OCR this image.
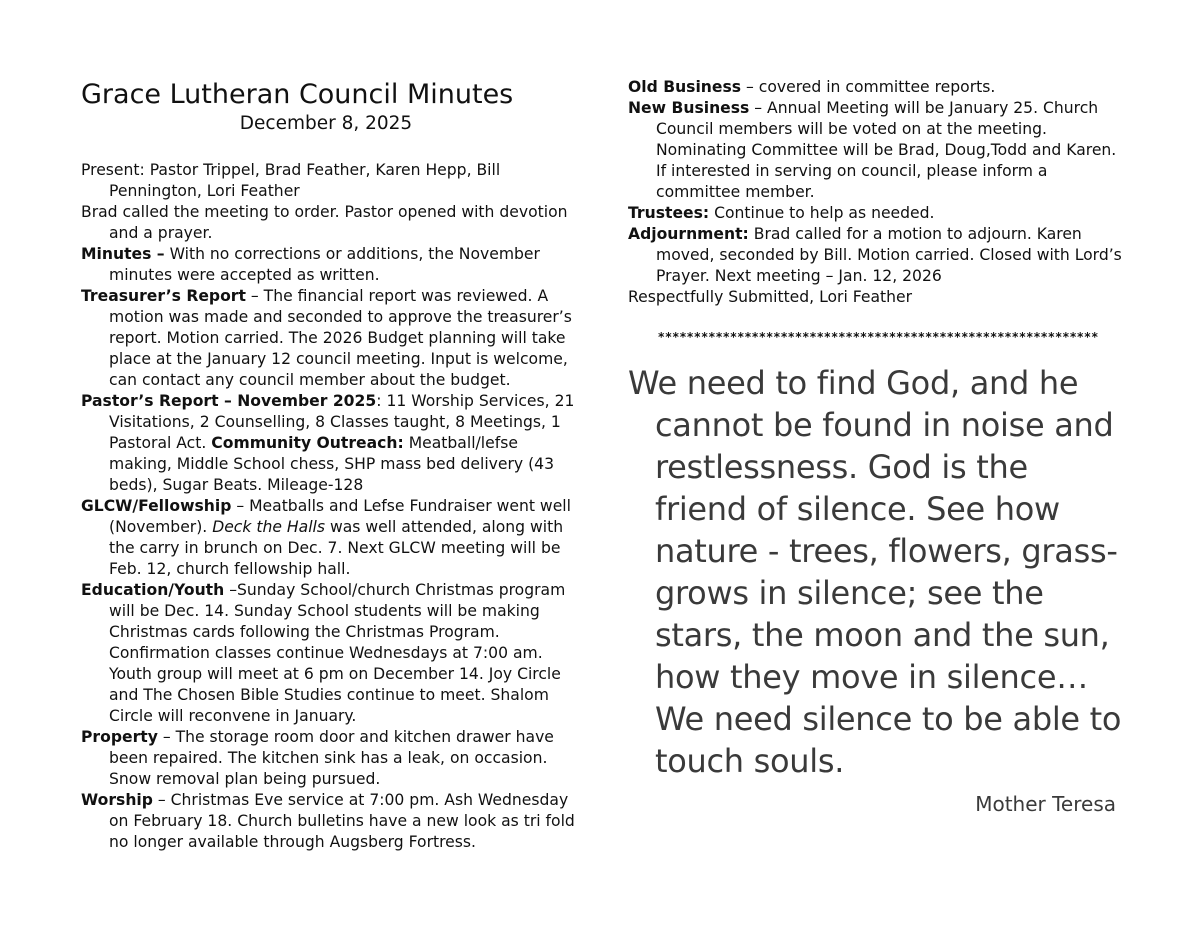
Grace Lutheran Council Minutes
December 8, 2025

Present: Pastor Trippel, Brad Feather, Karen Hepp, Bill Pennington, Lori Feather

Brad called the meeting to order. Pastor opened with devotion and a prayer.

Minutes – With no corrections or additions, the November minutes were accepted as written.

Treasurer’s Report – The financial report was reviewed. A motion was made and seconded to approve the treasurer’s report. Motion carried. The 2026 Budget planning will take place at the January 12 council meeting. Input is welcome, can contact any council member about the budget.

Pastor’s Report – November 2025: 11 Worship Services, 21 Visitations, 2 Counselling, 8 Classes taught, 8 Meetings, 1 Pastoral Act. Community Outreach: Meatball/lefse making, Middle School chess, SHP mass bed delivery (43 beds), Sugar Beats. Mileage-128

GLCW/Fellowship – Meatballs and Lefse Fundraiser went well (November). Deck the Halls was well attended, along with the carry in brunch on Dec. 7. Next GLCW meeting will be Feb. 12, church fellowship hall.

Education/Youth –Sunday School/church Christmas program will be Dec. 14. Sunday School students will be making Christmas cards following the Christmas Program. Confirmation classes continue Wednesdays at 7:00 am. Youth group will meet at 6 pm on December 14. Joy Circle and The Chosen Bible Studies continue to meet. Shalom Circle will reconvene in January.

Property – The storage room door and kitchen drawer have been repaired. The kitchen sink has a leak, on occasion. Snow removal plan being pursued.

Worship – Christmas Eve service at 7:00 pm. Ash Wednesday on February 18. Church bulletins have a new look as tri fold no longer available through Augsberg Fortress.

Old Business – covered in committee reports.

New Business – Annual Meeting will be January 25. Church Council members will be voted on at the meeting. Nominating Committee will be Brad, Doug,Todd and Karen. If interested in serving on council, please inform a committee member.

Trustees: Continue to help as needed.

Adjournment: Brad called for a motion to adjourn. Karen moved, seconded by Bill. Motion carried. Closed with Lord’s Prayer. Next meeting – Jan. 12, 2026

Respectfully Submitted, Lori Feather

*************************************************************

We need to find God, and he cannot be found in noise and restlessness. God is the friend of silence. See how nature - trees, flowers, grass- grows in silence; see the stars, the moon and the sun, how they move in silence… We need silence to be able to touch souls.

Mother Teresa
